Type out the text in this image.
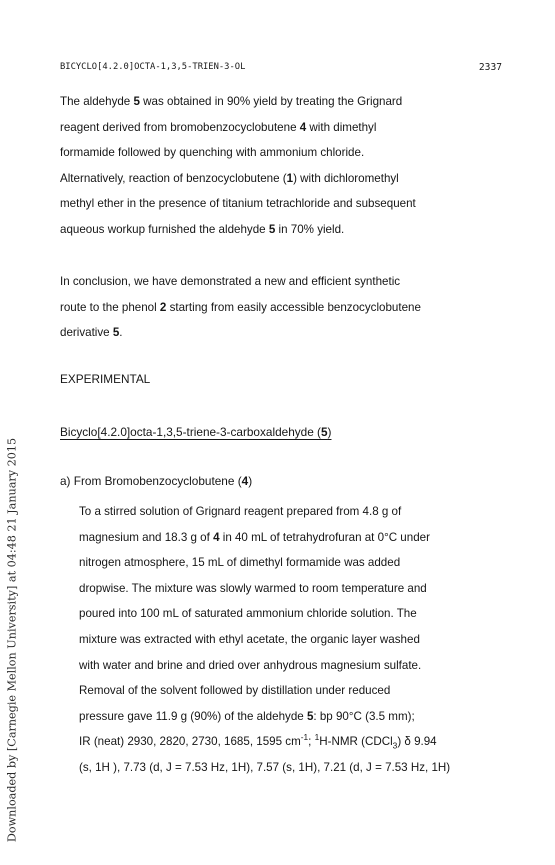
Downloaded by [Carnegie Mellon University] at 04:48 21 January 2015
BICYCLO[4.2.0]OCTA-1,3,5-TRIEN-3-OL	2337
The aldehyde 5 was obtained in 90% yield by treating the Grignard
reagent derived from bromobenzocyclobutene 4 with dimethyl
formamide followed by quenching with ammonium chloride.
Alternatively, reaction of benzocyclobutene (1) with dichloromethyl
methyl ether in the presence of titanium tetrachloride and subsequent
aqueous workup furnished the aldehyde 5 in 70% yield.
In conclusion, we have demonstrated a new and efficient synthetic
route to the phenol 2 starting from easily accessible benzocyclobutene
derivative 5.
EXPERIMENTAL
Bicyclo[4.2.0]octa-1,3,5-triene-3-carboxaldehyde (5)
a) From Bromobenzocyclobutene (4)
To a stirred solution of Grignard reagent prepared from 4.8 g of
magnesium and 18.3 g of 4 in 40 mL of tetrahydrofuran at 0°C under
nitrogen atmosphere, 15 mL of dimethyl formamide was added
dropwise. The mixture was slowly warmed to room temperature and
poured into 100 mL of saturated ammonium chloride solution. The
mixture was extracted with ethyl acetate, the organic layer washed
with water and brine and dried over anhydrous magnesium sulfate.
Removal of the solvent followed by distillation under reduced
pressure gave 11.9 g (90%) of the aldehyde 5: bp 90°C (3.5 mm);
IR (neat) 2930, 2820, 2730, 1685, 1595 $cm^{-1}$; $^1$H-NMR (CDCl$_3$) δ 9.94
(s, 1H ), 7.73 (d, J = 7.53 Hz, 1H), 7.57 (s, 1H), 7.21 (d, J = 7.53 Hz, 1H)
